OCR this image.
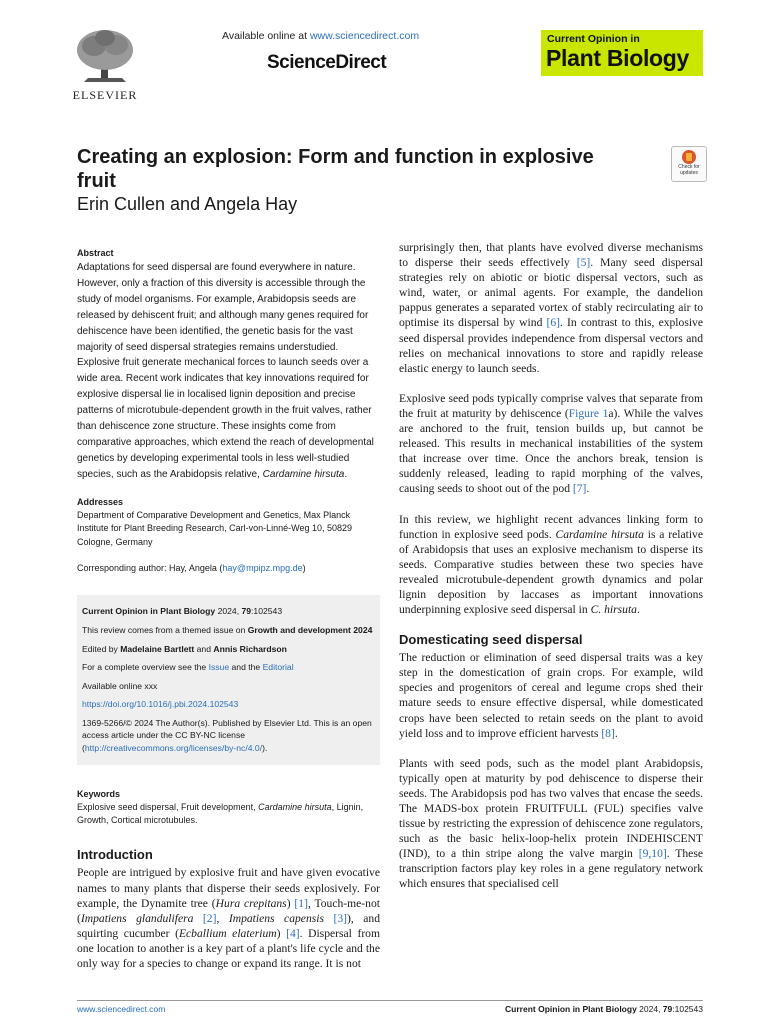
ELSEVIER
Available online at www.sciencedirect.com
ScienceDirect
Current Opinion in
Plant Biology
Creating an explosion: Form and function in explosive fruit
Erin Cullen and Angela Hay
Check for updates
Abstract

Adaptations for seed dispersal are found everywhere in nature. However, only a fraction of this diversity is accessible through the study of model organisms. For example, Arabidopsis seeds are released by dehiscent fruit; and although many genes required for dehiscence have been identified, the genetic basis for the vast majority of seed dispersal strategies remains understudied. Explosive fruit generate mechanical forces to launch seeds over a wide area. Recent work indicates that key innovations required for explosive dispersal lie in localised lignin deposition and precise patterns of microtubule-dependent growth in the fruit valves, rather than dehiscence zone structure. These insights come from comparative approaches, which extend the reach of developmental genetics by developing experimental tools in less well-studied species, such as the Arabidopsis relative, Cardamine hirsuta.

Addresses

Department of Comparative Development and Genetics, Max Planck Institute for Plant Breeding Research, Carl-von-Linné-Weg 10, 50829 Cologne, Germany

Corresponding author: Hay, Angela (hay@mpipz.mpg.de)

Current Opinion in Plant Biology 2024, 79:102543

This review comes from a themed issue on Growth and development 2024

Edited by Madelaine Bartlett and Annis Richardson

For a complete overview see the Issue and the Editorial

Available online xxx

https://doi.org/10.1016/j.pbi.2024.102543

1369-5266/© 2024 The Author(s). Published by Elsevier Ltd. This is an open access article under the CC BY-NC license (http://creativecommons.org/licenses/by-nc/4.0/).

Keywords

Explosive seed dispersal, Fruit development, Cardamine hirsuta, Lignin, Growth, Cortical microtubules.

Introduction

People are intrigued by explosive fruit and have given evocative names to many plants that disperse their seeds explosively. For example, the Dynamite tree (Hura crepitans) [1], Touch-me-not (Impatiens glandulifera [2], Impatiens capensis [3]), and squirting cucumber (Ecballium elaterium) [4]. Dispersal from one location to another is a key part of a plant's life cycle and the only way for a species to change or expand its range. It is not

surprisingly then, that plants have evolved diverse mechanisms to disperse their seeds effectively [5]. Many seed dispersal strategies rely on abiotic or biotic dispersal vectors, such as wind, water, or animal agents. For example, the dandelion pappus generates a separated vortex of stably recirculating air to optimise its dispersal by wind [6]. In contrast to this, explosive seed dispersal provides independence from dispersal vectors and relies on mechanical innovations to store and rapidly release elastic energy to launch seeds.

Explosive seed pods typically comprise valves that separate from the fruit at maturity by dehiscence (Figure 1a). While the valves are anchored to the fruit, tension builds up, but cannot be released. This results in mechanical instabilities of the system that increase over time. Once the anchors break, tension is suddenly released, leading to rapid morphing of the valves, causing seeds to shoot out of the pod [7].

In this review, we highlight recent advances linking form to function in explosive seed pods. Cardamine hirsuta is a relative of Arabidopsis that uses an explosive mechanism to disperse its seeds. Comparative studies between these two species have revealed microtubule-dependent growth dynamics and polar lignin deposition by laccases as important innovations underpinning explosive seed dispersal in C. hirsuta.

Domesticating seed dispersal

The reduction or elimination of seed dispersal traits was a key step in the domestication of grain crops. For example, wild species and progenitors of cereal and legume crops shed their mature seeds to ensure effective dispersal, while domesticated crops have been selected to retain seeds on the plant to avoid yield loss and to improve efficient harvests [8].

Plants with seed pods, such as the model plant Arabidopsis, typically open at maturity by pod dehiscence to disperse their seeds. The Arabidopsis pod has two valves that encase the seeds. The MADS-box protein FRUITFULL (FUL) specifies valve tissue by restricting the expression of dehiscence zone regulators, such as the basic helix-loop-helix protein INDEHISCENT (IND), to a thin stripe along the valve margin [9,10]. These transcription factors play key roles in a gene regulatory network which ensures that specialised cell

www.sciencedirect.com	Current Opinion in Plant Biology 2024, 79:102543
